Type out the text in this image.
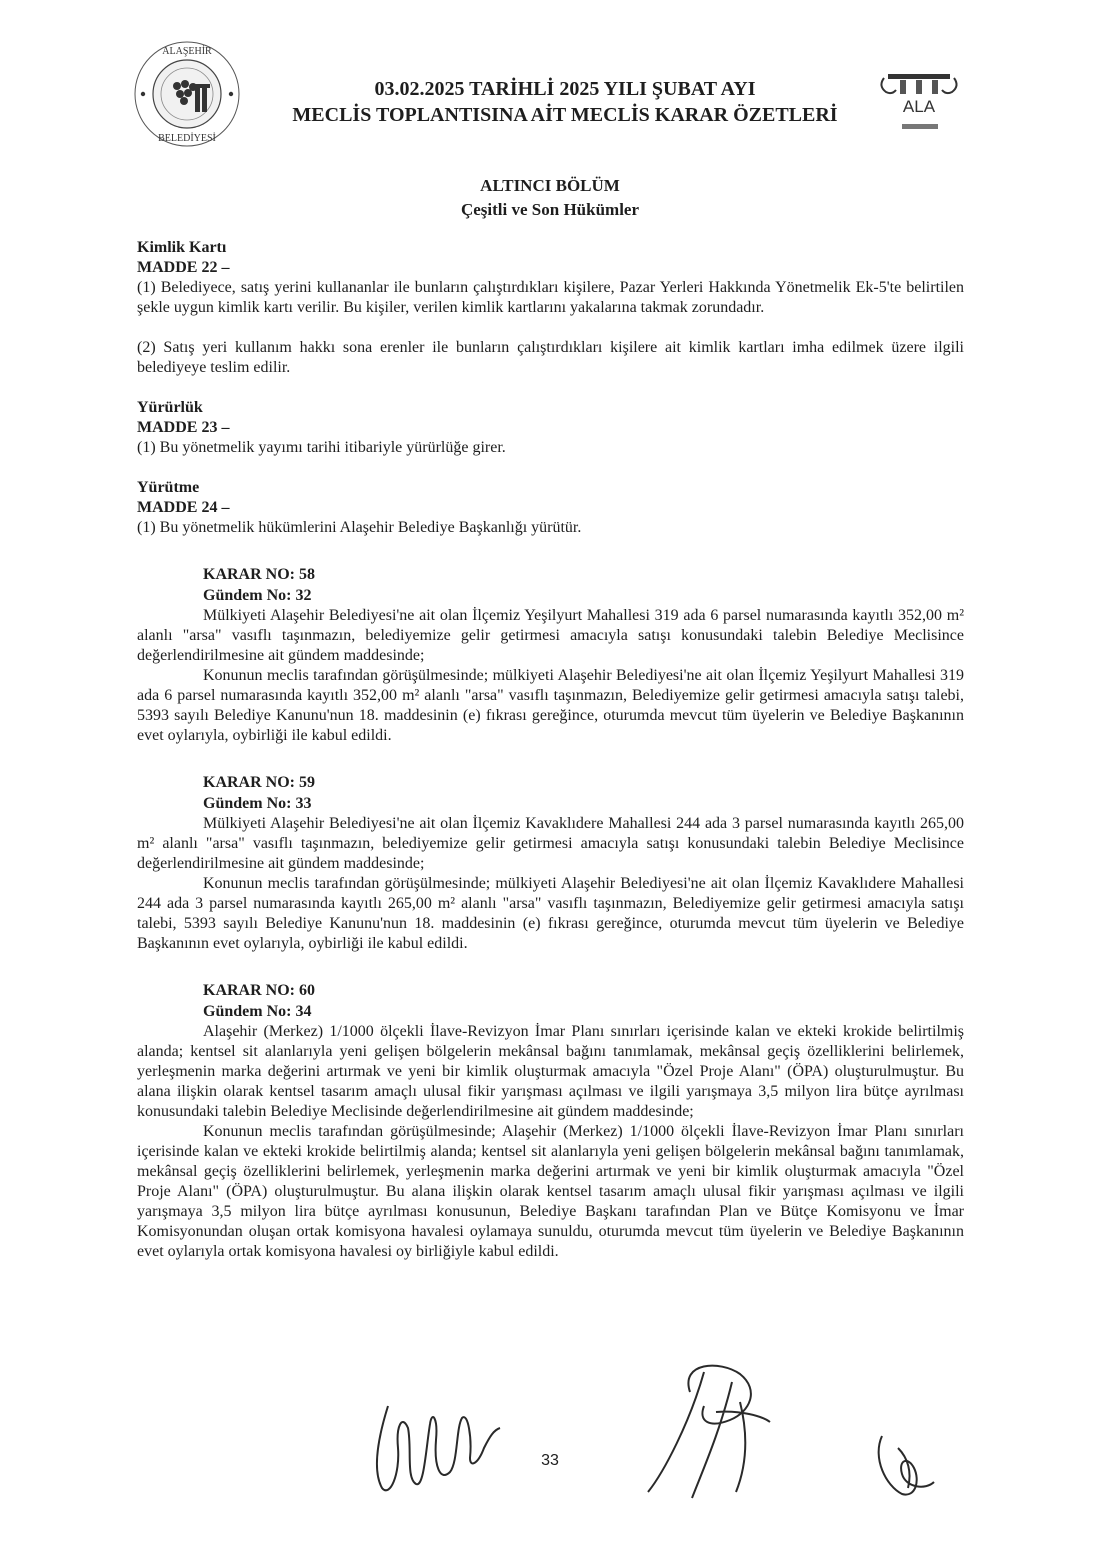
ALAŞEHİR
BELEDİYESİ
03.02.2025 TARİHLİ 2025 YILI ŞUBAT AYI
MECLİS TOPLANTISINA AİT MECLİS KARAR ÖZETLERİ	ALA
ALTINCI BÖLÜM
Çeşitli ve Son Hükümler
Kimlik Kartı
MADDE 22 –

(1) Belediyece, satış yerini kullananlar ile bunların çalıştırdıkları kişilere, Pazar Yerleri Hakkında Yönetmelik Ek-5'te belirtilen şekle uygun kimlik kartı verilir. Bu kişiler, verilen kimlik kartlarını yakalarına takmak zorundadır.

(2) Satış yeri kullanım hakkı sona erenler ile bunların çalıştırdıkları kişilere ait kimlik kartları imha edilmek üzere ilgili belediyeye teslim edilir.

Yürürlük
MADDE 23 –

(1) Bu yönetmelik yayımı tarihi itibariyle yürürlüğe girer.

Yürütme
MADDE 24 –

(1) Bu yönetmelik hükümlerini Alaşehir Belediye Başkanlığı yürütür.

KARAR NO: 58
Gündem No: 32

Mülkiyeti Alaşehir Belediyesi'ne ait olan İlçemiz Yeşilyurt Mahallesi 319 ada 6 parsel numarasında kayıtlı 352,00 m² alanlı "arsa" vasıflı taşınmazın, belediyemize gelir getirmesi amacıyla satışı konusundaki talebin Belediye Meclisince değerlendirilmesine ait gündem maddesinde;

Konunun meclis tarafından görüşülmesinde; mülkiyeti Alaşehir Belediyesi'ne ait olan İlçemiz Yeşilyurt Mahallesi 319 ada 6 parsel numarasında kayıtlı 352,00 m² alanlı "arsa" vasıflı taşınmazın, Belediyemize gelir getirmesi amacıyla satışı talebi, 5393 sayılı Belediye Kanunu'nun 18. maddesinin (e) fıkrası gereğince, oturumda mevcut tüm üyelerin ve Belediye Başkanının evet oylarıyla, oybirliği ile kabul edildi.

KARAR NO: 59
Gündem No: 33

Mülkiyeti Alaşehir Belediyesi'ne ait olan İlçemiz Kavaklıdere Mahallesi 244 ada 3 parsel numarasında kayıtlı 265,00 m² alanlı "arsa" vasıflı taşınmazın, belediyemize gelir getirmesi amacıyla satışı konusundaki talebin Belediye Meclisince değerlendirilmesine ait gündem maddesinde;

Konunun meclis tarafından görüşülmesinde; mülkiyeti Alaşehir Belediyesi'ne ait olan İlçemiz Kavaklıdere Mahallesi 244 ada 3 parsel numarasında kayıtlı 265,00 m² alanlı "arsa" vasıflı taşınmazın, Belediyemize gelir getirmesi amacıyla satışı talebi, 5393 sayılı Belediye Kanunu'nun 18. maddesinin (e) fıkrası gereğince, oturumda mevcut tüm üyelerin ve Belediye Başkanının evet oylarıyla, oybirliği ile kabul edildi.

KARAR NO: 60
Gündem No: 34

Alaşehir (Merkez) 1/1000 ölçekli İlave-Revizyon İmar Planı sınırları içerisinde kalan ve ekteki krokide belirtilmiş alanda; kentsel sit alanlarıyla yeni gelişen bölgelerin mekânsal bağını tanımlamak, mekânsal geçiş özelliklerini belirlemek, yerleşmenin marka değerini artırmak ve yeni bir kimlik oluşturmak amacıyla "Özel Proje Alanı" (ÖPA) oluşturulmuştur. Bu alana ilişkin olarak kentsel tasarım amaçlı ulusal fikir yarışması açılması ve ilgili yarışmaya 3,5 milyon lira bütçe ayrılması konusundaki talebin Belediye Meclisinde değerlendirilmesine ait gündem maddesinde;

Konunun meclis tarafından görüşülmesinde; Alaşehir (Merkez) 1/1000 ölçekli İlave-Revizyon İmar Planı sınırları içerisinde kalan ve ekteki krokide belirtilmiş alanda; kentsel sit alanlarıyla yeni gelişen bölgelerin mekânsal bağını tanımlamak, mekânsal geçiş özelliklerini belirlemek, yerleşmenin marka değerini artırmak ve yeni bir kimlik oluşturmak amacıyla "Özel Proje Alanı" (ÖPA) oluşturulmuştur. Bu alana ilişkin olarak kentsel tasarım amaçlı ulusal fikir yarışması açılması ve ilgili yarışmaya 3,5 milyon lira bütçe ayrılması konusunun, Belediye Başkanı tarafından Plan ve Bütçe Komisyonu ve İmar Komisyonundan oluşan ortak komisyona havalesi oylamaya sunuldu, oturumda mevcut tüm üyelerin ve Belediye Başkanının evet oylarıyla ortak komisyona havalesi oy birliğiyle kabul edildi.

33
